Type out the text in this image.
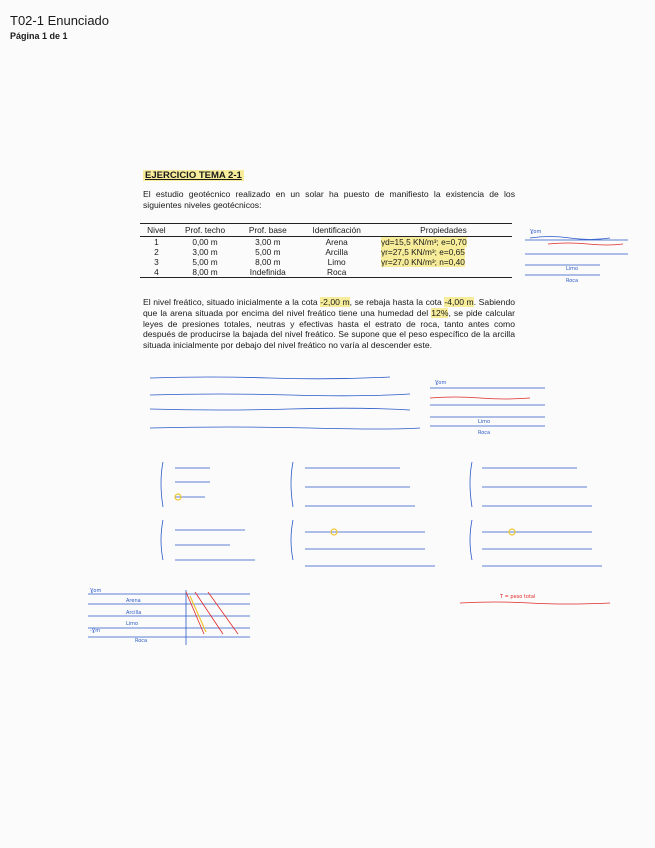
T02-1 Enunciado
Página 1 de 1
EJERCICIO TEMA 2-1
El estudio geotécnico realizado en un solar ha puesto de manifiesto la existencia de los siguientes niveles geotécnicos:
Nivel	Prof. techo	Prof. base	Identificación	Propiedades
1	0,00 m	3,00 m	Arena	γd=15,5 KN/m³; e=0,70
2	3,00 m	5,00 m	Arcilla	γr=27,5 KN/m³; e=0,65
3	5,00 m	8,00 m	Limo	γr=27,0 KN/m³; n=0,40
4	8,00 m	Indefinida	Roca	
El nivel freático, situado inicialmente a la cota -2,00 m, se rebaja hasta la cota -4,00 m. Sabiendo que la arena situada por encima del nivel freático tiene una humedad del 12%, se pide calcular leyes de presiones totales, neutras y efectivas hasta el estrato de roca, tanto antes como después de producirse la bajada del nivel freático. Se supone que el peso específico de la arcilla situada inicialmente por debajo del nivel freático no varía al descender este.
Ɣom
Limo
Roca
Ɣom
Limo
Roca
Ɣom
Arena
Arcilla
Limo
Roca
-Ɣm
T = peso total
